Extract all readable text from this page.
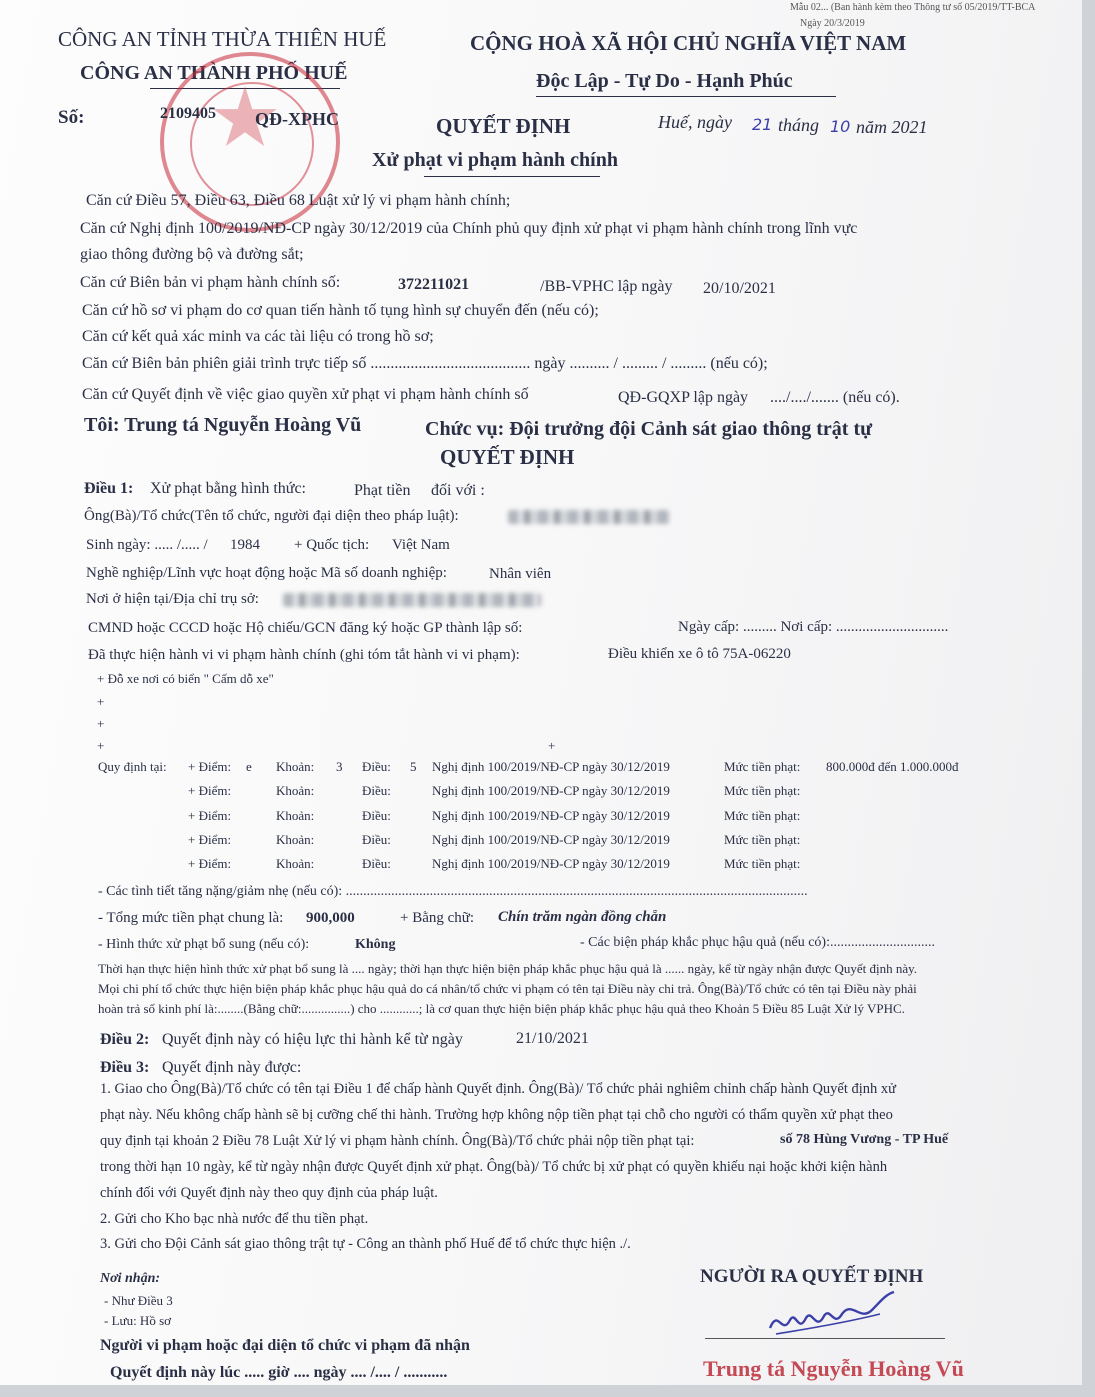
Mẫu 02... (Ban hành kèm theo Thông tư số 05/2019/TT-BCA
Ngày 20/3/2019
CÔNG AN TỈNH THỪA THIÊN HUẾ
CÔNG AN THÀNH PHỐ HUẾ
CỘNG HOÀ XÃ HỘI CHỦ NGHĨA VIỆT NAM
Độc Lập - Tự Do - Hạnh Phúc
Số:	2109405 QĐ-XPHC	QUYẾT ĐỊNH
Xử phạt vi phạm hành chính
Huế, ngày 21 tháng 10 năm 2021
Căn cứ Điều 57, Điều 63, Điều 68 Luật xử lý vi phạm hành chính;
Căn cứ Nghị định 100/2019/NĐ-CP ngày 30/12/2019 của Chính phủ quy định xử phạt vi phạm hành chính trong lĩnh vực
giao thông đường bộ và đường sắt;
Căn cứ Biên bản vi phạm hành chính số:	372211021	/BB-VPHC lập ngày 20/10/2021
Căn cứ hồ sơ vi phạm do cơ quan tiến hành tố tụng hình sự chuyển đến (nếu có);
Căn cứ kết quả xác minh va các tài liệu có trong hồ sơ;
Căn cứ Biên bản phiên giải trình trực tiếp số ........................................ ngày .......... / ......... / ......... (nếu có);
Căn cứ Quyết định về việc giao quyền xử phạt vi phạm hành chính số	QĐ-GQXP lập ngày ..../..../....... (nếu có).
Tôi: Trung tá Nguyễn Hoàng Vũ	Chức vụ: Đội trưởng đội Cảnh sát giao thông trật tự
QUYẾT ĐỊNH
Điều 1: Xử phạt bằng hình thức:	Phạt tiền đối với :
Ông(Bà)/Tổ chức(Tên tổ chức, người đại diện theo pháp luật):
Sinh ngày: ..... /..... / 1984 + Quốc tịch: Việt Nam
Nghề nghiệp/Lĩnh vực hoạt động hoặc Mã số doanh nghiệp:	Nhân viên
Nơi ở hiện tại/Địa chỉ trụ sở:
CMND hoặc CCCD hoặc Hộ chiếu/GCN đăng ký hoặc GP thành lập số:	Ngày cấp: ......... Nơi cấp: ..............................
Đã thực hiện hành vi vi phạm hành chính (ghi tóm tắt hành vi vi phạm):	Điều khiển xe ô tô 75A-06220
+ Đỗ xe nơi có biển " Cấm dỗ xe"
+
+
+	+
Quy định tại:
- Các tình tiết tăng nặng/giảm nhẹ (nếu có): ....................................................................................................................................
- Tổng mức tiền phạt chung là: 900,000	+ Bằng chữ: Chín trăm ngàn đồng chẵn
- Hình thức xử phạt bổ sung (nếu có):	Không	- Các biện pháp khắc phục hậu quả (nếu có):..............................
Thời hạn thực hiện hình thức xử phạt bổ sung là .... ngày; thời hạn thực hiện biện pháp khắc phục hậu quả là ...... ngày, kể từ ngày nhận được Quyết định này.
Mọi chi phí tổ chức thực hiện biện pháp khắc phục hậu quả do cá nhân/tổ chức vi phạm có tên tại Điều này chi trả. Ông(Bà)/Tổ chức có tên tại Điều này phải
hoàn trả số kinh phí là:........(Bằng chữ:...............) cho ............; là cơ quan thực hiện biện pháp khắc phục hậu quả theo Khoản 5 Điều 85 Luật Xử lý VPHC.
Điều 2: Quyết định này có hiệu lực thi hành kể từ ngày	21/10/2021
Điều 3: Quyết định này được:
1. Giao cho Ông(Bà)/Tổ chức có tên tại Điều 1 để chấp hành Quyết định. Ông(Bà)/ Tổ chức phải nghiêm chỉnh chấp hành Quyết định xử
phạt này. Nếu không chấp hành sẽ bị cưỡng chế thi hành. Trường hợp không nộp tiền phạt tại chỗ cho người có thẩm quyền xử phạt theo
quy định tại khoản 2 Điều 78 Luật Xử lý vi phạm hành chính. Ông(Bà)/Tổ chức phải nộp tiền phạt tại:	số 78 Hùng Vương - TP Huế
trong thời hạn 10 ngày, kể từ ngày nhận được Quyết định xử phạt. Ông(bà)/ Tổ chức bị xử phạt có quyền khiếu nại hoặc khởi kiện hành
chính đối với Quyết định này theo quy định của pháp luật.
2. Gửi cho Kho bạc nhà nước để thu tiền phạt.
3. Gửi cho Đội Cảnh sát giao thông trật tự - Công an thành phố Huế để tổ chức thực hiện ./.
Nơi nhận:
- Như Điều 3
- Lưu: Hồ sơ
Người vi phạm hoặc đại diện tổ chức vi phạm đã nhận
Quyết định này lúc ..... giờ .... ngày .... /.... / ...........
NGƯỜI RA QUYẾT ĐỊNH
Trung tá Nguyễn Hoàng Vũ
+ Điểm: e Khoản: 3 Điều: 5 Nghị định 100/2019/NĐ-CP ngày 30/12/2019	Mức tiền phạt: 800.000đ đến 1.000.000đ
+ Điểm:	Khoản:	Điều:	Nghị định 100/2019/NĐ-CP ngày 30/12/2019	Mức tiền phạt:
+ Điểm:	Khoản:	Điều:	Nghị định 100/2019/NĐ-CP ngày 30/12/2019	Mức tiền phạt:
+ Điểm:	Khoản:	Điều:	Nghị định 100/2019/NĐ-CP ngày 30/12/2019	Mức tiền phạt:
+ Điểm:	Khoản:	Điều:	Nghị định 100/2019/NĐ-CP ngày 30/12/2019	Mức tiền phạt:
